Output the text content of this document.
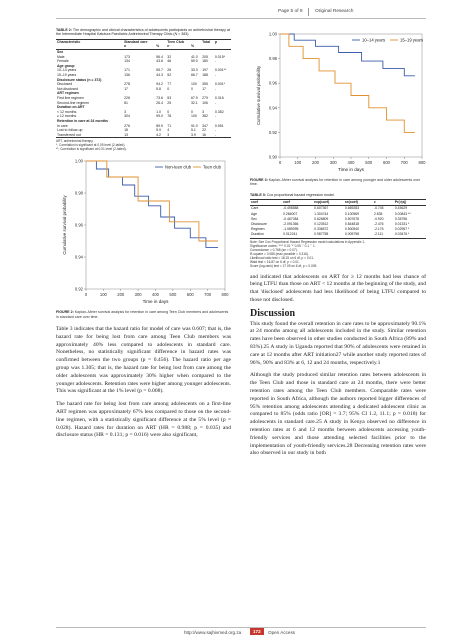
Page 5 of 9	Original Research
TABLE 2: The demographic and clinical characteristics of adolescents participants on antiretroviral therapy at the Intermediate Hospital Katutura Paediatric Antiretroviral Therapy Clinic (N = 383).
Characteristic	Standard care		Teen Club		Total	p
	n	%	n	%		
Sex						
Male	173	56.4	32	41.0	205	0.015*
Female	134	43.6	46	59.0	180	-
Age group						
10–14 years	171	55.7	26	33.3	197	0.001**
15–19 years	136	44.3	52	66.7	188	-
Disclosure status (n = 372)						
Disclosed	278	94.2	77	100	355	0.001*
Not disclosed	17	5.8	0	0	17	-
ART regimen						
First line regimen	226	73.6	53	67.9	279	0.316
Second-line regimen	81	26.4	25	32.1	106	-
Duration on ART						
< 12 months	3	1.0	0	0	3	0.382
≥ 12 months	304	99.0	78	100	382	-
Retention in care at 24 months						
In care	276	89.9	71	91.0	347	0.951
Lost to follow-up	18	5.9	4	5.1	22	-
Transferred out	13	4.2	3	3.9	16	-
ART, antiretroviral therapy.
*, Correlation is significant at 0.05 level (2-tailed).
**, Correlation is significant at 0.01 level (2-tailed).
0.92
0.94
0.96
0.98
1.00
0	100 200 300 400 500 600 700 800
Time in days
Cumulative survival probability
Non-teen club	Teen club
FIGURE 2: Kaplan–Meier survival analysis for retention in care among Teen Club members and adolescents in standard care over time.

Table 3 indicates that the hazard ratio for model of care was 0.607; that is, the hazard rate for being lost from care among Teen Club members was approximately 40% less compared to adolescents in standard care. Nonetheless, no statistically significant difference in hazard rates was confirmed between the two groups (p = 0.456). The hazard ratio per age group was 1.305; that is, the hazard rate for being lost from care among the older adolescents was approximately 30% higher when compared to the younger adolescents. Retention rates were higher among younger adolescents. This was significant at the 1% level (p = 0.008).

The hazard rate for being lost from care among adolescents on a first-line ART regimen was approximately 67% less compared to those on the second-line regimen, with a statistically significant difference at the 5% level (p = 0.028). Hazard rates for duration on ART (HR = 0.988; p = 0.035) and disclosure status (HR = 0.131; p = 0.016) were also significant,

0.90
0.92
0.94
0.96
0.98
1.00
0	100	200	300	400	500	600	700	800
Time in days
Cumulative survival probability
10–14 years	15–19 years
FIGURE 3: Kaplan–Meier survival analysis for retention in care among younger and older adolescents over time.
TABLE 3: Cox proportional hazard regression model.
coef	coef	exp(coef)	se(coef)	z	Pr(>|z|)
Care	-0.498588	0.607367	0.669283	-0.745	0.45629
Age	0.266007	1.304744	0.100969	2.635	0.00843 **
Sex	-0.467084	0.626809	0.507678	-0.920	0.35756
Disclosure	-2.091366	0.123512	0.844818	-2.476	0.01331 *
Regimen	-1.089095	0.336572	0.500540	-2.176	0.02957 *
Duration	0.012241	0.987758	0.005798	-2.111	0.03476 *
Note: See Cox Proportional Hazard Regression model calculations in Appendix 1.
Significance codes: '***' 0.01 '*' 0.05 '.' 0.1 ' ' 1.
Concordance = 0.768 (se = 0.07).
R-square = 0.086 (max possible = 0.316).
Likelihood ratio test = 18.15 on 6 df, p = 0.01.
Wald test = 16.87 on 6 df, p = 0.01.
Score (log-rank) test = 17.09 on 6 df, p = 0.009.

and indicated that adolescents on ART for ≥ 12 months had less chance of being LTFU than those on ART < 12 months at the beginning of the study, and that 'disclosed' adolescents had less likelihood of being LTFU compared to those not disclosed.

Discussion

This study found the overall retention in care rates to be approximately 90.1% at 24 months among all adolescents included in the study. Similar retention rates have been observed in other studies conducted in South Africa (89% and 83%).25 A study in Uganda reported that 90% of adolescents were retained in care at 12 months after ART initiation27 while another study reported rates of 96%, 90% and 83% at 6, 12 and 24 months, respectively.1

Although the study produced similar retention rates between adolescents in the Teen Club and those in standard care at 24 months, there were better retention rates among the Teen Club members. Comparable rates were reported in South Africa, although the authors reported bigger differences of 95% retention among adolescents attending a dedicated adolescent clinic as compared to 85% (odds ratio [OR] = 3.7; 95% CI 1.2, 11.1; p = 0.018) for adolescents in standard care.25 A study in Kenya observed no difference in retention rates at 6 and 12 months between adolescents accessing youth-friendly services and those attending selected facilities prior to the implementation of youth-friendly services.28 Decreasing retention rates were also observed in our study in both

http://www.sajhivmed.org.za	172	Open Access
